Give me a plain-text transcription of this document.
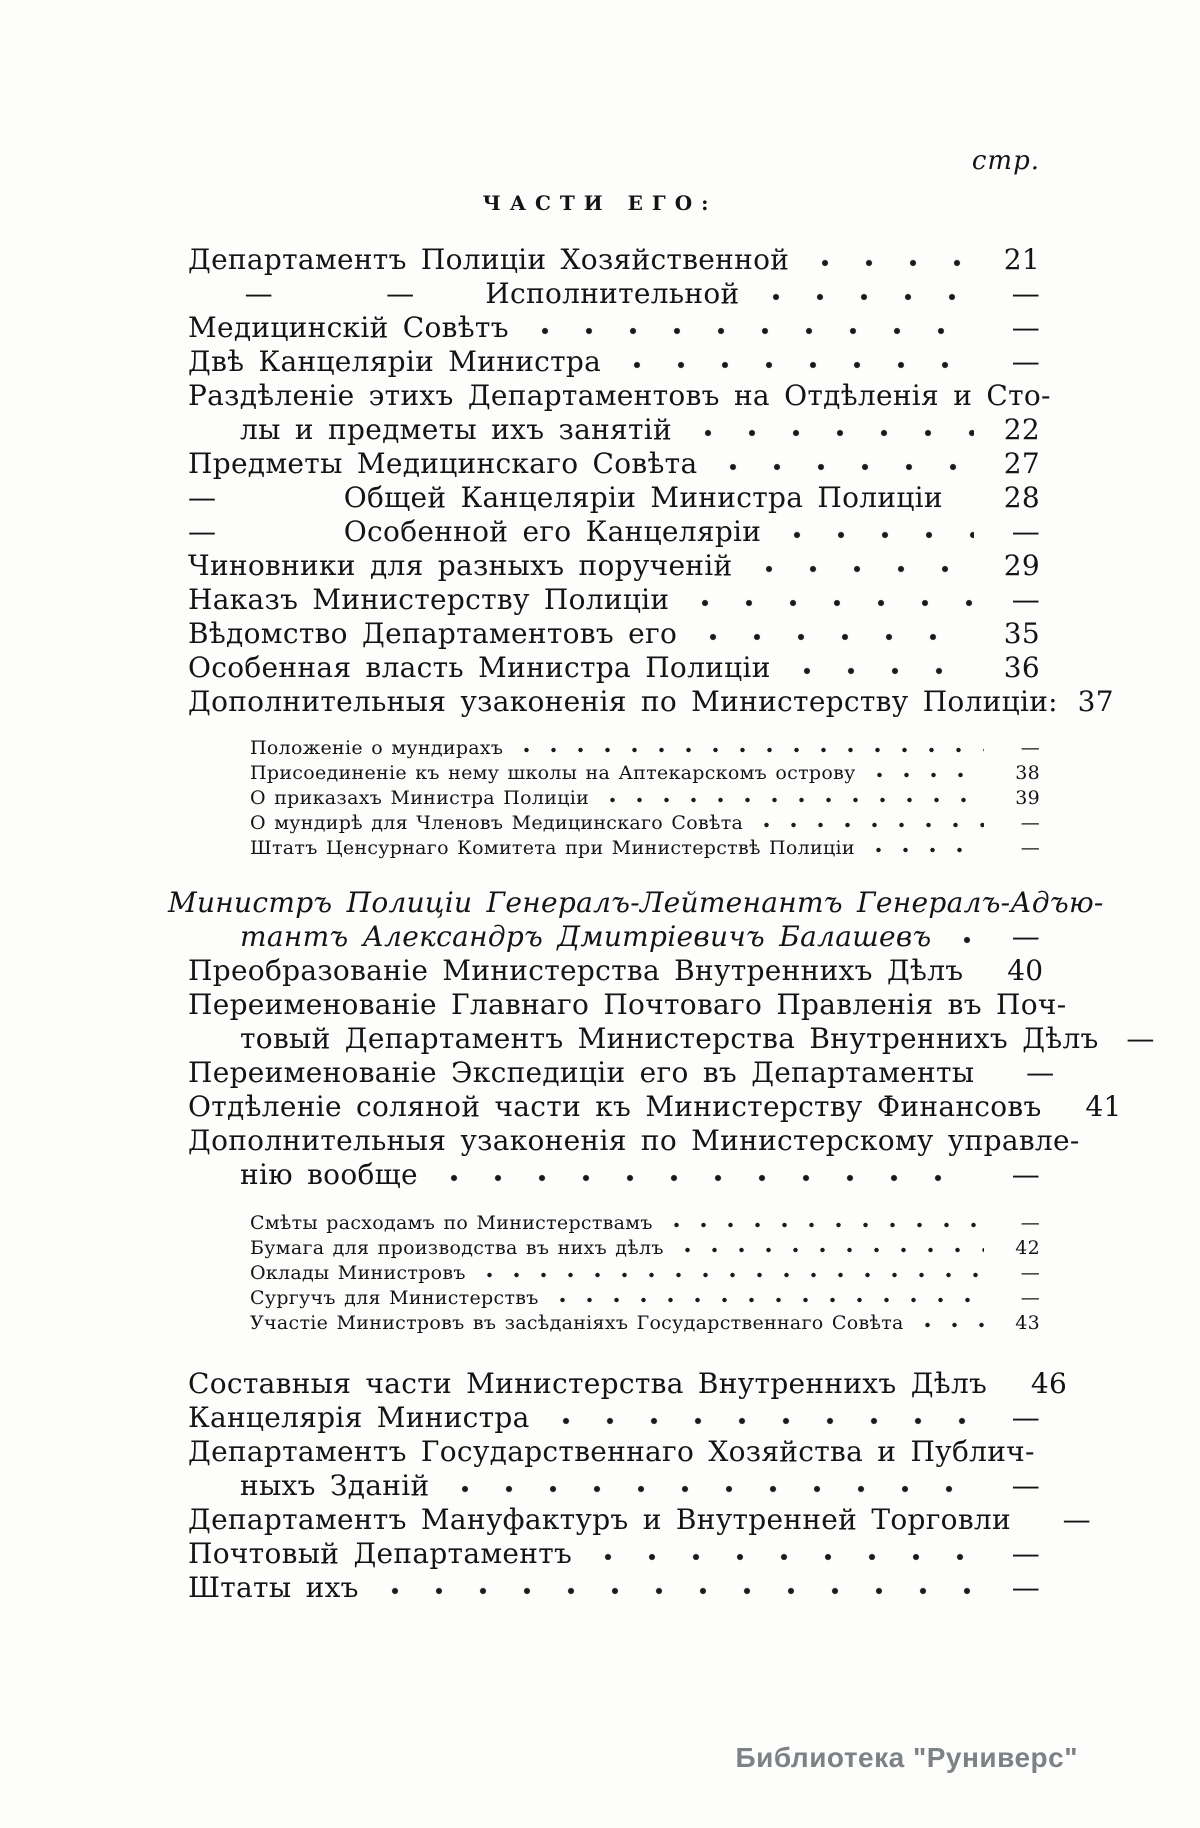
стр.
ЧАСТИ ЕГО:
Департаментъ Полиціи Хозяйственной	21
  —    —   Исполнительной	—
Медицинскій Совѣтъ	—
Двѣ Канцеляріи Министра	—
Раздѣленіе этихъ Департаментовъ на Отдѣленія и Сто-
лы и предметы ихъ занятій	22
Предметы Медицинскаго Совѣта	27
—     Общей Канцеляріи Министра Полиціи	28
—     Особенной его Канцеляріи	—
Чиновники для разныхъ порученій	29
Наказъ Министерству Полиціи	—
Вѣдомство Департаментовъ его	35
Особенная власть Министра Полиціи	36
Дополнительныя узаконенія по Министерству Полиціи: 37
Положеніе о мундирахъ	—
Присоединеніе къ нему школы на Аптекарскомъ острову	38
О приказахъ Министра Полиціи	39
О мундирѣ для Членовъ Медицинскаго Совѣта	—
Штатъ Ценсурнаго Комитета при Министерствѣ Полиціи	—
Министръ Полиціи Генералъ-Лейтенантъ Генералъ-Адъю-
тантъ Александръ Дмитріевичъ Балашевъ	—
Преобразованіе Министерства Внутреннихъ Дѣлъ	40
Переименованіе Главнаго Почтоваго Правленія въ Поч-
товый Департаментъ Министерства Внутреннихъ Дѣлъ —
Переименованіе Экспедиціи его въ Департаменты	—
Отдѣленіе соляной части къ Министерству Финансовъ	41
Дополнительныя узаконенія по Министерскому управле-
нію вообще	—
Смѣты расходамъ по Министерствамъ	—
Бумага для производства въ нихъ дѣлъ	42
Оклады Министровъ	—
Сургучъ для Министерствъ	—
Участіе Министровъ въ засѣданіяхъ Государственнаго Совѣта	43
Составныя части Министерства Внутреннихъ Дѣлъ	46
Канцелярія Министра	—
Департаментъ Государственнаго Хозяйства и Публич-
ныхъ Зданій	—
Департаментъ Мануфактуръ и Внутренней Торговли	—
Почтовый Департаментъ	—
Штаты ихъ	—
Библиотека "Руниверс"
